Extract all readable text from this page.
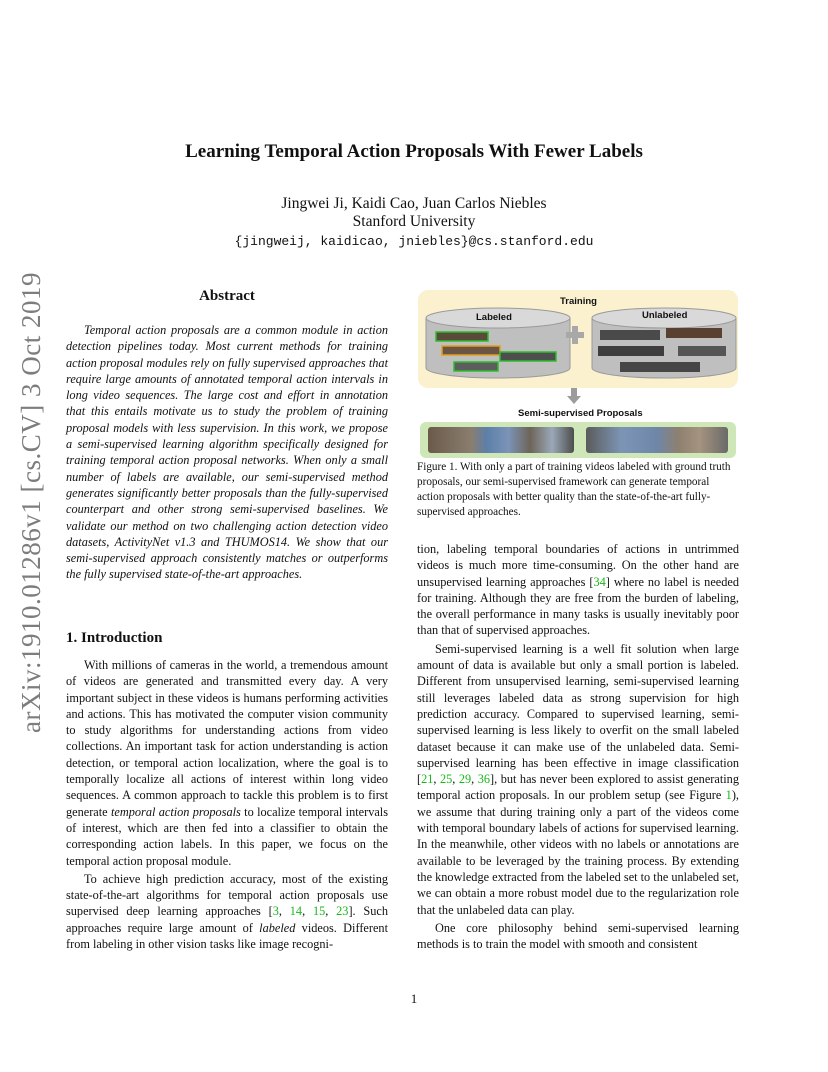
arXiv:1910.01286v1 [cs.CV] 3 Oct 2019
Learning Temporal Action Proposals With Fewer Labels
Jingwei Ji, Kaidi Cao, Juan Carlos Niebles
Stanford University
{jingweij, kaidicao, jniebles}@cs.stanford.edu
Abstract
Temporal action proposals are a common module in action detection pipelines today. Most current methods for training action proposal modules rely on fully supervised approaches that require large amounts of annotated temporal action intervals in long video sequences. The large cost and effort in annotation that this entails motivate us to study the problem of training proposal models with less supervision. In this work, we propose a semi-supervised learning algorithm specifically designed for training temporal action proposal networks. When only a small number of labels are available, our semi-supervised method generates significantly better proposals than the fully-supervised counterpart and other strong semi-supervised baselines. We validate our method on two challenging action detection video datasets, ActivityNet v1.3 and THUMOS14. We show that our semi-supervised approach consistently matches or outperforms the fully supervised state-of-the-art approaches.
1. Introduction

With millions of cameras in the world, a tremendous amount of videos are generated and transmitted every day. A very important subject in these videos is humans performing activities and actions. This has motivated the computer vision community to study algorithms for understanding actions from video collections. An important task for action understanding is action detection, or temporal action localization, where the goal is to temporally localize all actions of interest within long video sequences. A common approach to tackle this problem is to first generate temporal action proposals to localize temporal intervals of interest, which are then fed into a classifier to obtain the corresponding action labels. In this paper, we focus on the temporal action proposal module.

To achieve high prediction accuracy, most of the existing state-of-the-art algorithms for temporal action proposals use supervised deep learning approaches [3, 14, 15, 23]. Such approaches require large amount of labeled videos. Different from labeling in other vision tasks like image recogni-

Training
Labeled	Unlabeled
Semi-supervised Proposals
Figure 1. With only a part of training videos labeled with ground truth proposals, our semi-supervised framework can generate temporal action proposals with better quality than the state-of-the-art fully-supervised approaches.

tion, labeling temporal boundaries of actions in untrimmed videos is much more time-consuming. On the other hand are unsupervised learning approaches [34] where no label is needed for training. Although they are free from the burden of labeling, the overall performance in many tasks is usually inevitably poor than that of supervised approaches.

Semi-supervised learning is a well fit solution when large amount of data is available but only a small portion is labeled. Different from unsupervised learning, semi-supervised learning still leverages labeled data as strong supervision for high prediction accuracy. Compared to supervised learning, semi-supervised learning is less likely to overfit on the small labeled dataset because it can make use of the unlabeled data. Semi-supervised learning has been effective in image classification [21, 25, 29, 36], but has never been explored to assist generating temporal action proposals. In our problem setup (see Figure 1), we assume that during training only a part of the videos come with temporal boundary labels of actions for supervised learning. In the meanwhile, other videos with no labels or annotations are available to be leveraged by the training process. By extending the knowledge extracted from the labeled set to the unlabeled set, we can obtain a more robust model due to the regularization role that the unlabeled data can play.

One core philosophy behind semi-supervised learning methods is to train the model with smooth and consistent

1
